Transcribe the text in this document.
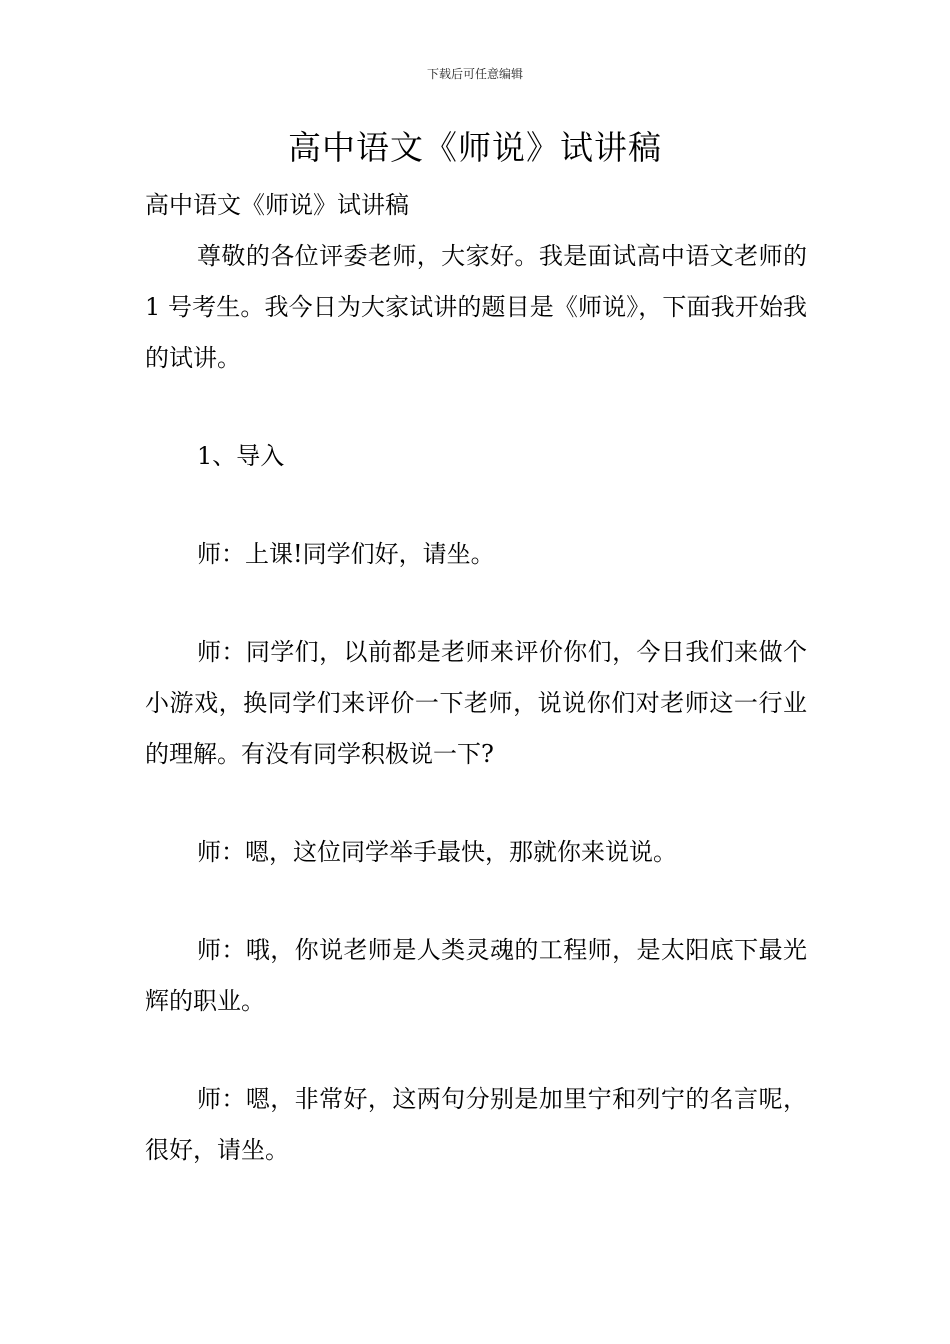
下载后可任意编辑
高中语文《师说》试讲稿

高中语文《师说》试讲稿

尊敬的各位评委老师，大家好。我是面试高中语文老师的 1 号考生。我今日为大家试讲的题目是《师说》，下面我开始我的试讲。

1、导入

师：上课!同学们好，请坐。

师：同学们，以前都是老师来评价你们，今日我们来做个小游戏，换同学们来评价一下老师，说说你们对老师这一行业的理解。有没有同学积极说一下?

师：嗯，这位同学举手最快，那就你来说说。

师：哦，你说老师是人类灵魂的工程师，是太阳底下最光辉的职业。

师：嗯，非常好，这两句分别是加里宁和列宁的名言呢，很好，请坐。
